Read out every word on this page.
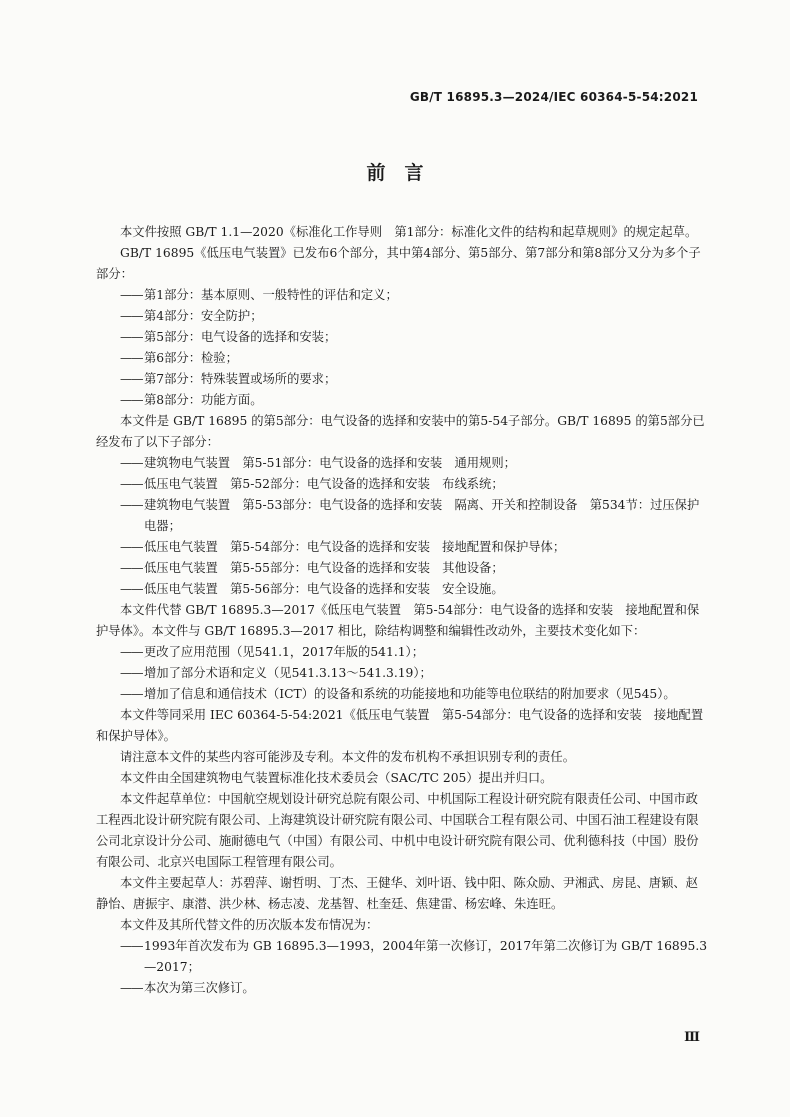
GB/T 16895.3—2024/IEC 60364-5-54:2021
前　言

本文件按照 GB/T 1.1—2020《标准化工作导则　第1部分：标准化文件的结构和起草规则》的规定起草。

GB/T 16895《低压电气装置》已发布6个部分，其中第4部分、第5部分、第7部分和第8部分又分为多个子部分：

——第1部分：基本原则、一般特性的评估和定义；

——第4部分：安全防护；

——第5部分：电气设备的选择和安装；

——第6部分：检验；

——第7部分：特殊装置或场所的要求；

——第8部分：功能方面。

本文件是 GB/T 16895 的第5部分：电气设备的选择和安装中的第5-54子部分。GB/T 16895 的第5部分已经发布了以下子部分：

——建筑物电气装置　第5-51部分：电气设备的选择和安装　通用规则；

——低压电气装置　第5-52部分：电气设备的选择和安装　布线系统；

——建筑物电气装置　第5-53部分：电气设备的选择和安装　隔离、开关和控制设备　第534节：过压保护电器；

——低压电气装置　第5-54部分：电气设备的选择和安装　接地配置和保护导体；

——低压电气装置　第5-55部分：电气设备的选择和安装　其他设备；

——低压电气装置　第5-56部分：电气设备的选择和安装　安全设施。

本文件代替 GB/T 16895.3—2017《低压电气装置　第5-54部分：电气设备的选择和安装　接地配置和保护导体》。本文件与 GB/T 16895.3—2017 相比，除结构调整和编辑性改动外，主要技术变化如下：

——更改了应用范围（见541.1，2017年版的541.1）；

——增加了部分术语和定义（见541.3.13～541.3.19）；

——增加了信息和通信技术（ICT）的设备和系统的功能接地和功能等电位联结的附加要求（见545）。

本文件等同采用 IEC 60364-5-54:2021《低压电气装置　第5-54部分：电气设备的选择和安装　接地配置和保护导体》。

请注意本文件的某些内容可能涉及专利。本文件的发布机构不承担识别专利的责任。

本文件由全国建筑物电气装置标准化技术委员会（SAC/TC 205）提出并归口。

本文件起草单位：中国航空规划设计研究总院有限公司、中机国际工程设计研究院有限责任公司、中国市政工程西北设计研究院有限公司、上海建筑设计研究院有限公司、中国联合工程有限公司、中国石油工程建设有限公司北京设计分公司、施耐德电气（中国）有限公司、中机中电设计研究院有限公司、优利德科技（中国）股份有限公司、北京兴电国际工程管理有限公司。

本文件主要起草人：苏碧萍、谢哲明、丁杰、王健华、刘叶语、钱中阳、陈众励、尹湘武、房昆、唐颖、赵静怡、唐振宇、康潜、洪少林、杨志凌、龙基智、杜奎廷、焦建雷、杨宏峰、朱连旺。

本文件及其所代替文件的历次版本发布情况为：

——1993年首次发布为 GB 16895.3—1993，2004年第一次修订，2017年第二次修订为 GB/T 16895.3—2017；

——本次为第三次修订。

Ⅲ
